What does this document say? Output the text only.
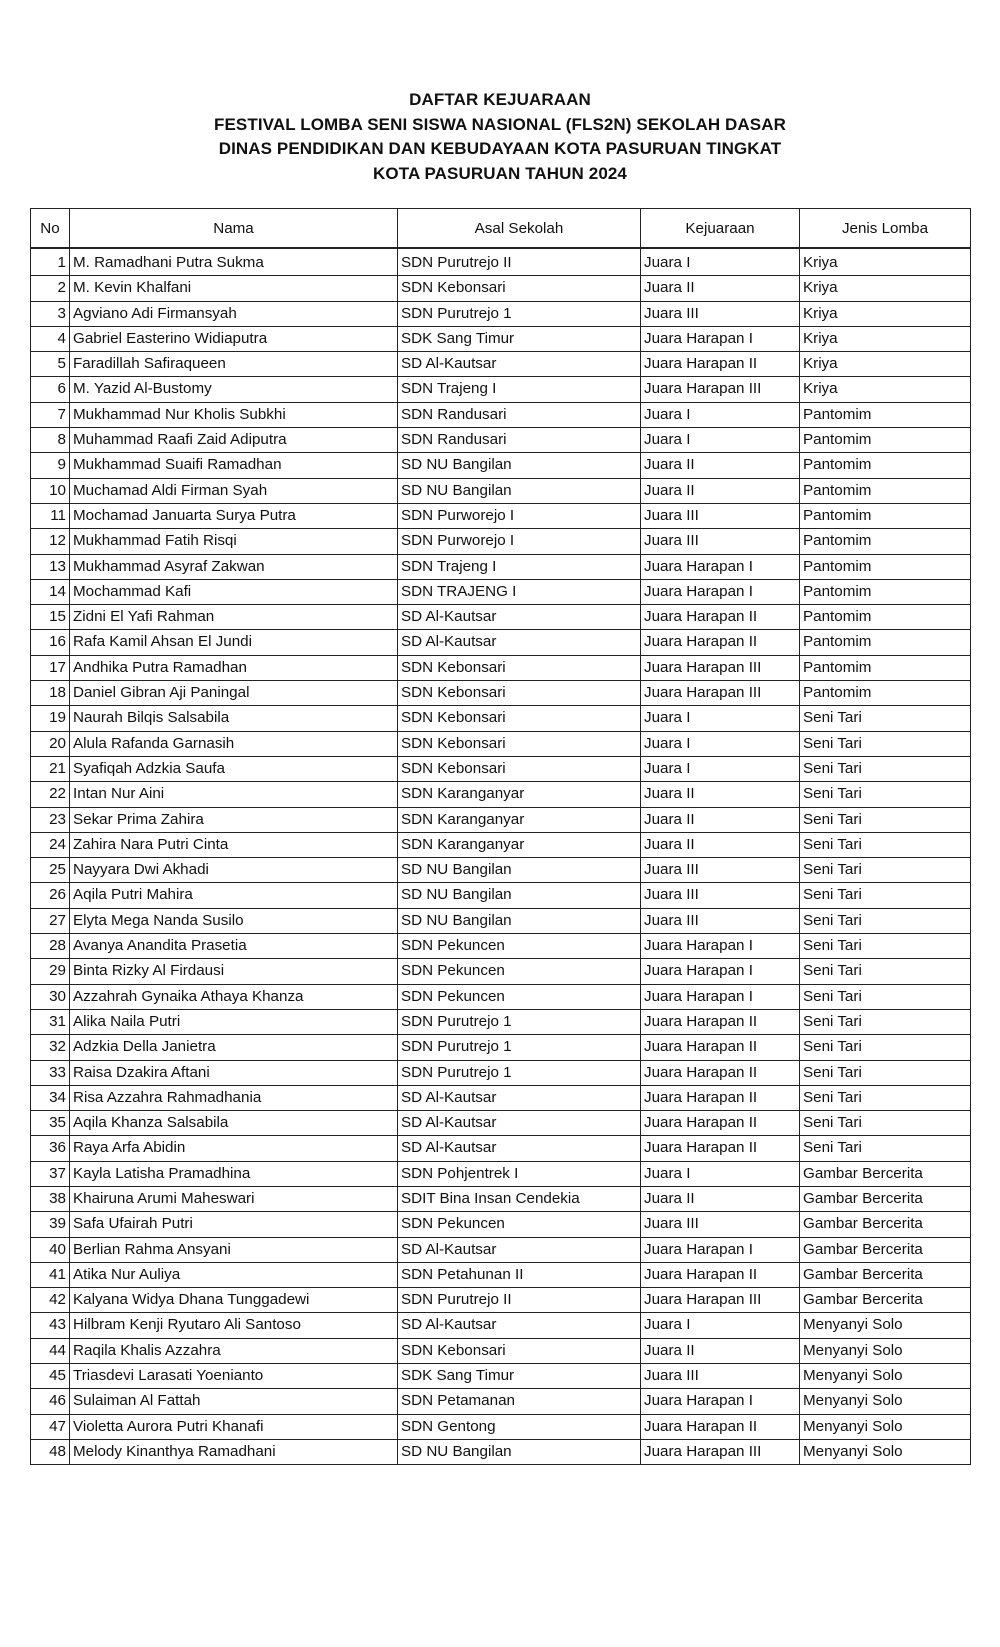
DAFTAR KEJUARAAN
FESTIVAL LOMBA SENI SISWA NASIONAL (FLS2N) SEKOLAH DASAR
DINAS PENDIDIKAN DAN KEBUDAYAAN KOTA PASURUAN TINGKAT
KOTA PASURUAN TAHUN 2024
No	Nama	Asal Sekolah	Kejuaraan	Jenis Lomba
1	M. Ramadhani Putra Sukma	SDN Purutrejo II	Juara I	Kriya
2	M. Kevin Khalfani	SDN Kebonsari	Juara II	Kriya
3	Agviano Adi Firmansyah	SDN Purutrejo 1	Juara III	Kriya
4	Gabriel Easterino Widiaputra	SDK Sang Timur	Juara Harapan I	Kriya
5	Faradillah Safiraqueen	SD Al-Kautsar	Juara Harapan II	Kriya
6	M. Yazid Al-Bustomy	SDN Trajeng I	Juara Harapan III	Kriya
7	Mukhammad Nur Kholis Subkhi	SDN Randusari	Juara I	Pantomim
8	Muhammad Raafi Zaid Adiputra	SDN Randusari	Juara I	Pantomim
9	Mukhammad Suaifi Ramadhan	SD NU Bangilan	Juara II	Pantomim
10	Muchamad Aldi Firman Syah	SD NU Bangilan	Juara II	Pantomim
11	Mochamad Januarta Surya Putra	SDN Purworejo I	Juara III	Pantomim
12	Mukhammad Fatih Risqi	SDN Purworejo I	Juara III	Pantomim
13	Mukhammad Asyraf Zakwan	SDN Trajeng I	Juara Harapan I	Pantomim
14	Mochammad Kafi	SDN TRAJENG I	Juara Harapan I	Pantomim
15	Zidni El Yafi Rahman	SD Al-Kautsar	Juara Harapan II	Pantomim
16	Rafa Kamil Ahsan El Jundi	SD Al-Kautsar	Juara Harapan II	Pantomim
17	Andhika Putra Ramadhan	SDN Kebonsari	Juara Harapan III	Pantomim
18	Daniel Gibran Aji Paningal	SDN Kebonsari	Juara Harapan III	Pantomim
19	Naurah Bilqis Salsabila	SDN Kebonsari	Juara I	Seni Tari
20	Alula Rafanda Garnasih	SDN Kebonsari	Juara I	Seni Tari
21	Syafiqah Adzkia Saufa	SDN Kebonsari	Juara I	Seni Tari
22	Intan Nur Aini	SDN Karanganyar	Juara II	Seni Tari
23	Sekar Prima Zahira	SDN Karanganyar	Juara II	Seni Tari
24	Zahira Nara Putri Cinta	SDN Karanganyar	Juara II	Seni Tari
25	Nayyara Dwi Akhadi	SD NU Bangilan	Juara III	Seni Tari
26	Aqila Putri Mahira	SD NU Bangilan	Juara III	Seni Tari
27	Elyta Mega Nanda Susilo	SD NU Bangilan	Juara III	Seni Tari
28	Avanya Anandita Prasetia	SDN Pekuncen	Juara Harapan I	Seni Tari
29	Binta Rizky Al Firdausi	SDN Pekuncen	Juara Harapan I	Seni Tari
30	Azzahrah Gynaika Athaya Khanza	SDN Pekuncen	Juara Harapan I	Seni Tari
31	Alika Naila Putri	SDN Purutrejo 1	Juara Harapan II	Seni Tari
32	Adzkia Della Janietra	SDN Purutrejo 1	Juara Harapan II	Seni Tari
33	Raisa Dzakira Aftani	SDN Purutrejo 1	Juara Harapan II	Seni Tari
34	Risa Azzahra Rahmadhania	SD Al-Kautsar	Juara Harapan II	Seni Tari
35	Aqila Khanza Salsabila	SD Al-Kautsar	Juara Harapan II	Seni Tari
36	Raya Arfa Abidin	SD Al-Kautsar	Juara Harapan II	Seni Tari
37	Kayla Latisha Pramadhina	SDN Pohjentrek I	Juara I	Gambar Bercerita
38	Khairuna Arumi Maheswari	SDIT Bina Insan Cendekia	Juara II	Gambar Bercerita
39	Safa Ufairah Putri	SDN Pekuncen	Juara III	Gambar Bercerita
40	Berlian Rahma Ansyani	SD Al-Kautsar	Juara Harapan I	Gambar Bercerita
41	Atika Nur Auliya	SDN Petahunan II	Juara Harapan II	Gambar Bercerita
42	Kalyana Widya Dhana Tunggadewi	SDN Purutrejo II	Juara Harapan III	Gambar Bercerita
43	Hilbram Kenji Ryutaro Ali Santoso	SD Al-Kautsar	Juara I	Menyanyi Solo
44	Raqila Khalis Azzahra	SDN Kebonsari	Juara II	Menyanyi Solo
45	Triasdevi Larasati Yoenianto	SDK Sang Timur	Juara III	Menyanyi Solo
46	Sulaiman Al Fattah	SDN Petamanan	Juara Harapan I	Menyanyi Solo
47	Violetta Aurora Putri Khanafi	SDN Gentong	Juara Harapan II	Menyanyi Solo
48	Melody Kinanthya Ramadhani	SD NU Bangilan	Juara Harapan III	Menyanyi Solo
